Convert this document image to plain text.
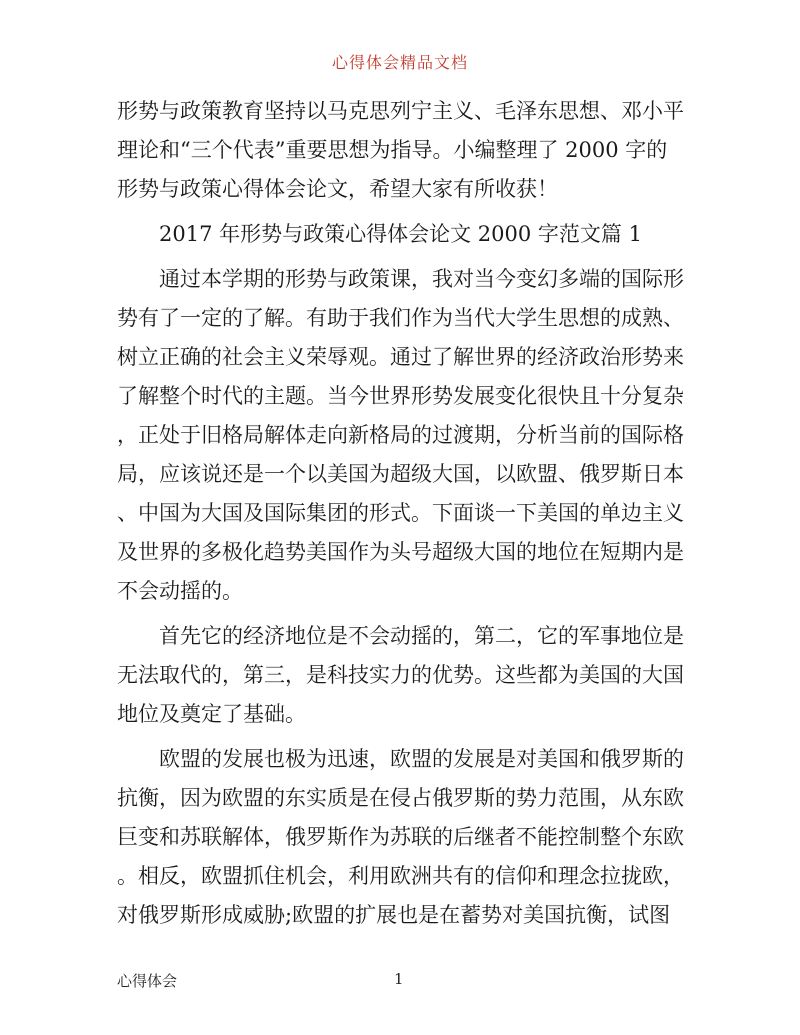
心得体会精品文档
形势与政策教育坚持以马克思列宁主义、毛泽东思想、邓小平
理论和“三个代表”重要思想为指导。小编整理了 2000 字的
形势与政策心得体会论文，希望大家有所收获！
　　2017 年形势与政策心得体会论文 2000 字范文篇 1
　　通过本学期的形势与政策课，我对当今变幻多端的国际形
势有了一定的了解。有助于我们作为当代大学生思想的成熟、
树立正确的社会主义荣辱观。通过了解世界的经济政治形势来
了解整个时代的主题。当今世界形势发展变化很快且十分复杂
，正处于旧格局解体走向新格局的过渡期，分析当前的国际格
局，应该说还是一个以美国为超级大国，以欧盟、俄罗斯日本
、中国为大国及国际集团的形式。下面谈一下美国的单边主义
及世界的多极化趋势美国作为头号超级大国的地位在短期内是
不会动摇的。
　　首先它的经济地位是不会动摇的，第二，它的军事地位是
无法取代的，第三，是科技实力的优势。这些都为美国的大国
地位及奠定了基础。
　　欧盟的发展也极为迅速，欧盟的发展是对美国和俄罗斯的
抗衡，因为欧盟的东实质是在侵占俄罗斯的势力范围，从东欧
巨变和苏联解体，俄罗斯作为苏联的后继者不能控制整个东欧
。相反，欧盟抓住机会，利用欧洲共有的信仰和理念拉拢欧，
对俄罗斯形成威胁;欧盟的扩展也是在蓄势对美国抗衡，试图
心得体会	1
